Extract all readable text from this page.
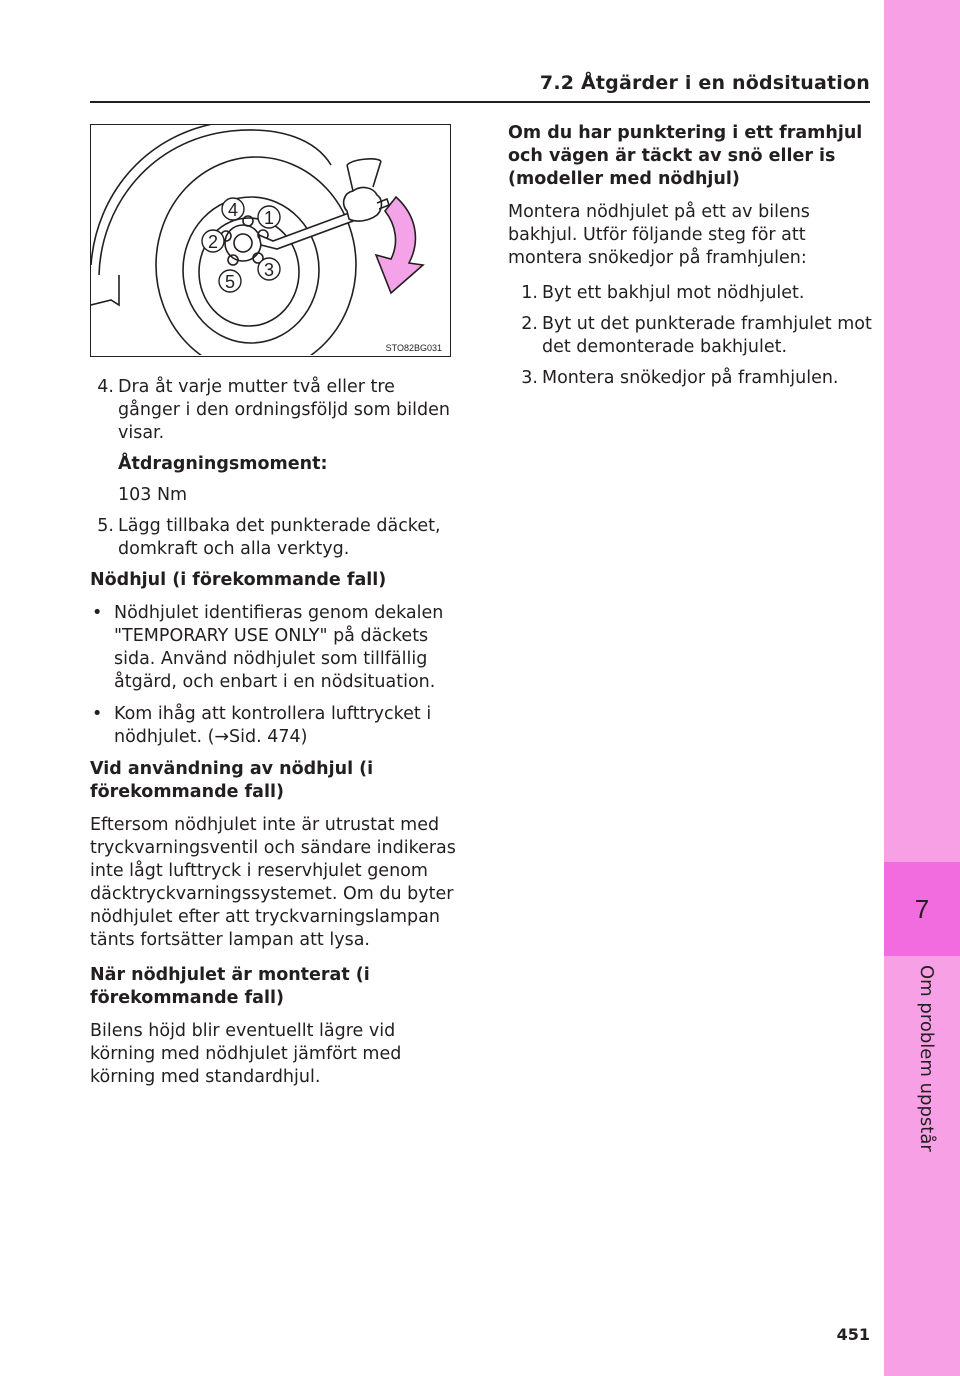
7.2 Åtgärder i en nödsituation
7
Om problem uppstår
4 1
2
3
5
STO82BG031
4. Dra åt varje mutter två eller tre gånger i den ordningsföljd som bilden visar.
Åtdragningsmoment:
103 Nm
5. Lägg tillbaka det punkterade däcket, domkraft och alla verktyg.
Nödhjul (i förekommande fall)
• Nödhjulet identifieras genom dekalen "TEMPORARY USE ONLY" på däckets sida. Använd nödhjulet som tillfällig åtgärd, och enbart i en nödsituation.
• Kom ihåg att kontrollera lufttrycket i nödhjulet. (→Sid. 474)
Vid användning av nödhjul (i förekommande fall)
Eftersom nödhjulet inte är utrustat med tryckvarningsventil och sändare indikeras inte lågt lufttryck i reservhjulet genom däcktryckvarningssystemet. Om du byter nödhjulet efter att tryckvarningslampan tänts fortsätter lampan att lysa.
När nödhjulet är monterat (i förekommande fall)
Bilens höjd blir eventuellt lägre vid körning med nödhjulet jämfört med körning med standardhjul.
Om du har punktering i ett framhjul och vägen är täckt av snö eller is (modeller med nödhjul)
Montera nödhjulet på ett av bilens bakhjul. Utför följande steg för att montera snökedjor på framhjulen:
1. Byt ett bakhjul mot nödhjulet.
2. Byt ut det punkterade framhjulet mot det demonterade bakhjulet.
3. Montera snökedjor på framhjulen.
451
